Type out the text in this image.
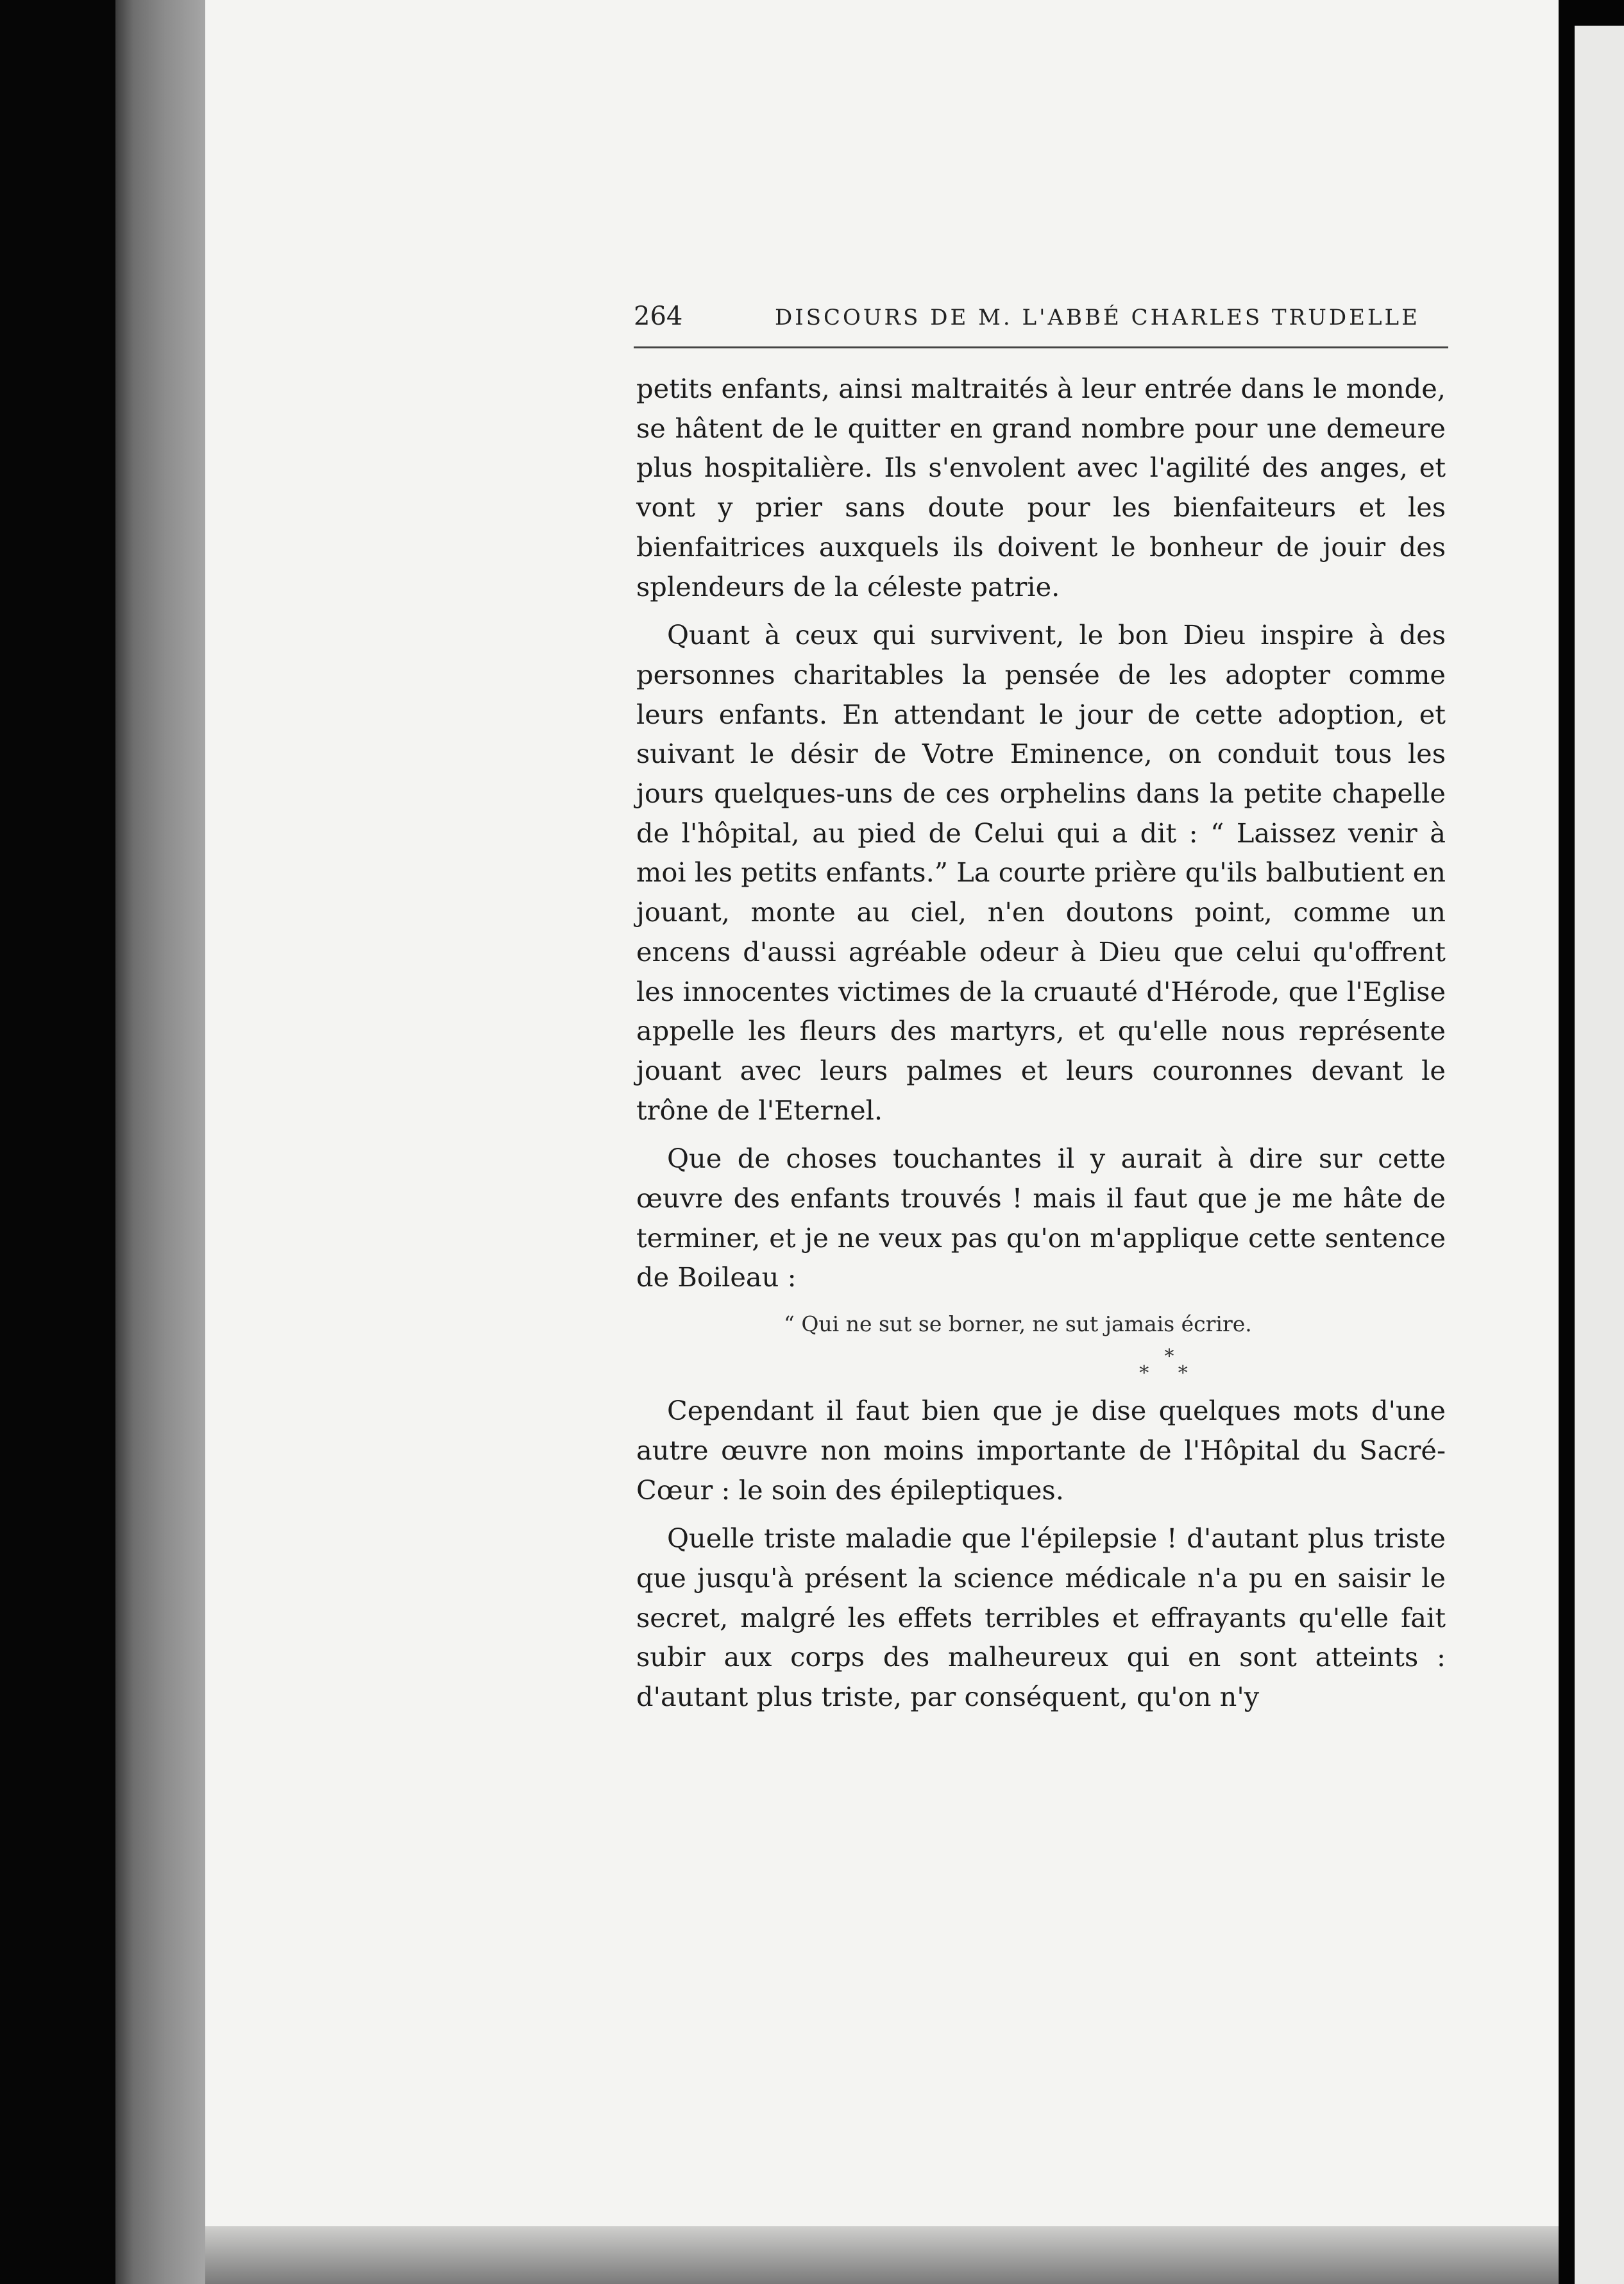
264	DISCOURS DE M. L'ABBÉ CHARLES TRUDELLE

petits enfants, ainsi maltraités à leur entrée dans le monde, se hâtent de le quitter en grand nombre pour une demeure plus hospitalière. Ils s'envolent avec l'agilité des anges, et vont y prier sans doute pour les bienfaiteurs et les bienfaitrices auxquels ils doivent le bonheur de jouir des splendeurs de la céleste patrie.

Quant à ceux qui survivent, le bon Dieu inspire à des personnes charitables la pensée de les adopter comme leurs enfants. En attendant le jour de cette adoption, et suivant le désir de Votre Eminence, on conduit tous les jours quelques-uns de ces orphelins dans la petite chapelle de l'hôpital, au pied de Celui qui a dit : “ Laissez venir à moi les petits enfants.” La courte prière qu'ils balbutient en jouant, monte au ciel, n'en doutons point, comme un encens d'aussi agréable odeur à Dieu que celui qu'offrent les innocentes victimes de la cruauté d'Hérode, que l'Eglise appelle les fleurs des martyrs, et qu'elle nous représente jouant avec leurs palmes et leurs couronnes devant le trône de l'Eternel.

Que de choses touchantes il y aurait à dire sur cette œuvre des enfants trouvés ! mais il faut que je me hâte de terminer, et je ne veux pas qu'on m'applique cette sentence de Boileau :

“ Qui ne sut se borner, ne sut jamais écrire.

*
* *

Cependant il faut bien que je dise quelques mots d'une autre œuvre non moins importante de l'Hôpital du Sacré-Cœur : le soin des épileptiques.

Quelle triste maladie que l'épilepsie ! d'autant plus triste que jusqu'à présent la science médicale n'a pu en saisir le secret, malgré les effets terribles et effrayants qu'elle fait subir aux corps des malheureux qui en sont atteints : d'autant plus triste, par conséquent, qu'on n'y
